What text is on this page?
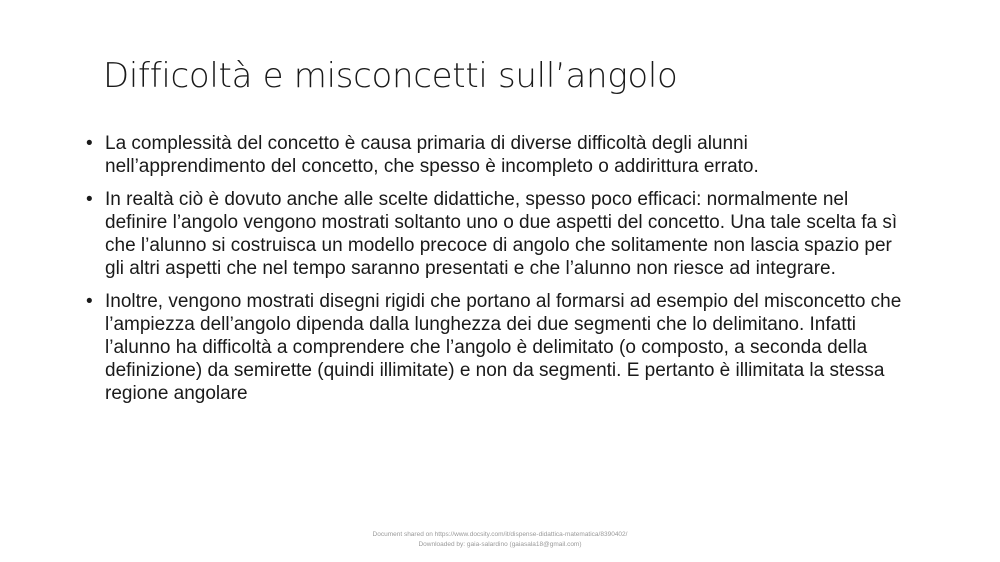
Difficoltà e misconcetti sull’angolo
• La complessità del concetto è causa primaria di diverse difficoltà degli alunni nell’apprendimento del concetto, che spesso è incompleto o addirittura errato.
• In realtà ciò è dovuto anche alle scelte didattiche, spesso poco efficaci: normalmente nel definire l’angolo vengono mostrati soltanto uno o due aspetti del concetto. Una tale scelta fa sì che l’alunno si costruisca un modello precoce di angolo che solitamente non lascia spazio per gli altri aspetti che nel tempo saranno presentati e che l’alunno non riesce ad integrare.
• Inoltre, vengono mostrati disegni rigidi che portano al formarsi ad esempio del misconcetto che l’ampiezza dell’angolo dipenda dalla lunghezza dei due segmenti che lo delimitano. Infatti l’alunno ha difficoltà a comprendere che l’angolo è delimitato (o composto, a seconda della definizione) da semirette (quindi illimitate) e non da segmenti. E pertanto è illimitata la stessa regione angolare
Document shared on https://www.docsity.com/it/dispense-didattica-matematica/8390402/
Downloaded by: gaia-salardino (gaiasala18@gmail.com)
